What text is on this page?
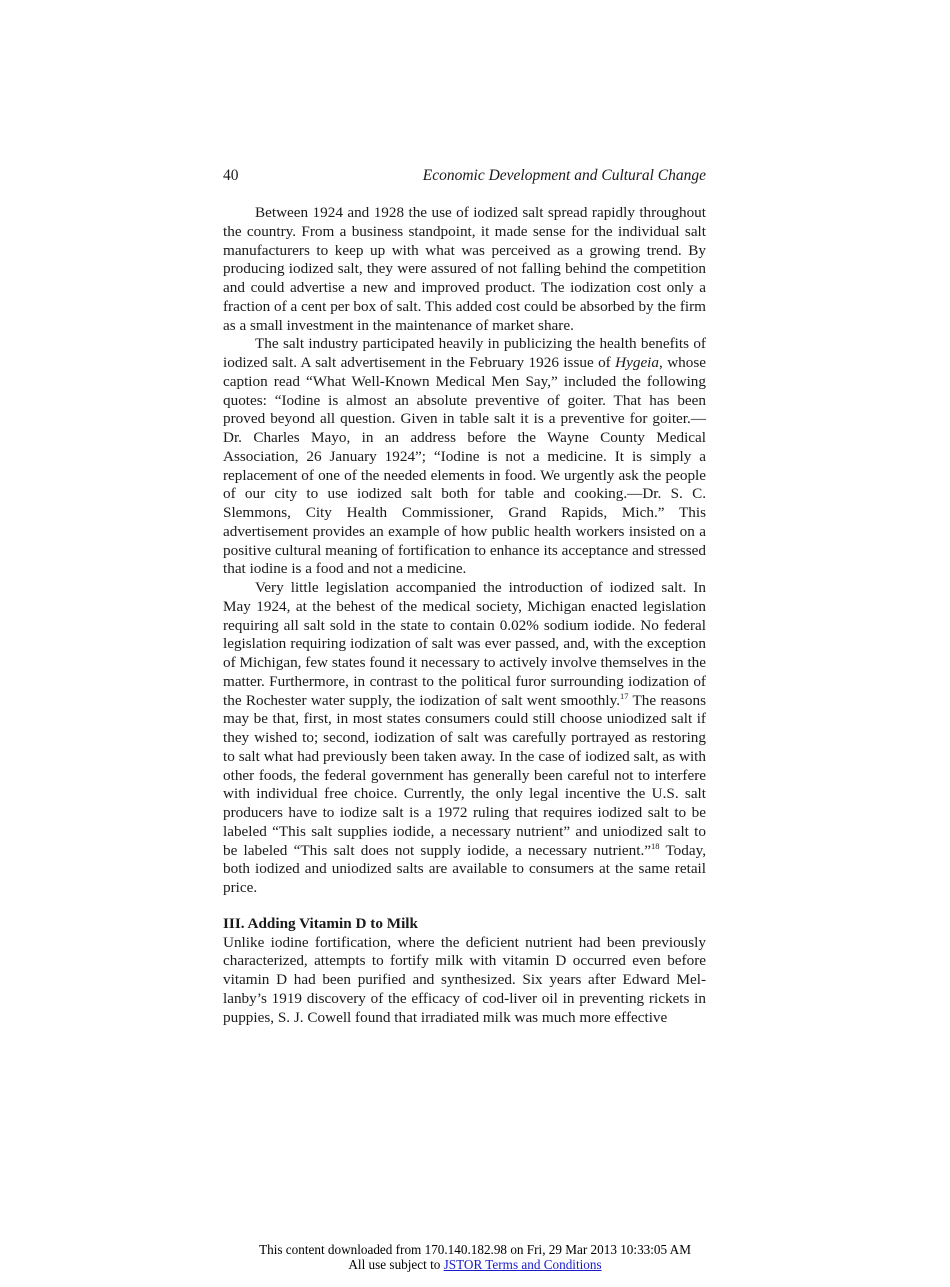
40	Economic Development and Cultural Change

Between 1924 and 1928 the use of iodized salt spread rapidly throughout the country. From a business standpoint, it made sense for the individual salt manufacturers to keep up with what was perceived as a growing trend. By producing iodized salt, they were assured of not falling behind the competition and could advertise a new and improved product. The iodization cost only a fraction of a cent per box of salt. This added cost could be absorbed by the firm as a small investment in the maintenance of market share.

The salt industry participated heavily in publicizing the health benefits of iodized salt. A salt advertisement in the February 1926 issue of Hygeia, whose caption read “What Well-Known Medical Men Say,” included the following quotes: “Iodine is almost an absolute preventive of goiter. That has been proved beyond all question. Given in table salt it is a preventive for goiter.—Dr. Charles Mayo, in an address before the Wayne County Medical Association, 26 January 1924”; “Iodine is not a medicine. It is simply a replacement of one of the needed elements in food. We urgently ask the people of our city to use iodized salt both for table and cooking.—Dr. S. C. Slemmons, City Health Commissioner, Grand Rapids, Mich.” This advertisement provides an example of how public health workers insisted on a positive cultural meaning of fortification to enhance its acceptance and stressed that iodine is a food and not a medicine.

Very little legislation accompanied the introduction of iodized salt. In May 1924, at the behest of the medical society, Michigan enacted legislation requiring all salt sold in the state to contain 0.02% sodium iodide. No federal legislation requiring iodization of salt was ever passed, and, with the exception of Michigan, few states found it necessary to actively involve themselves in the matter. Furthermore, in contrast to the political furor surrounding iodization of the Rochester water supply, the iodization of salt went smoothly.$^{17}$ The reasons may be that, first, in most states consumers could still choose uniodized salt if they wished to; second, iodization of salt was carefully portrayed as restoring to salt what had previously been taken away. In the case of iodized salt, as with other foods, the federal government has generally been careful not to interfere with individual free choice. Currently, the only legal incentive the U.S. salt producers have to iodize salt is a 1972 ruling that requires iodized salt to be labeled “This salt supplies iodide, a necessary nutrient” and uniodized salt to be labeled “This salt does not supply iodide, a necessary nutrient.”$^{18}$ Today, both iodized and uniodized salts are available to consumers at the same retail price.

III. Adding Vitamin D to Milk

Unlike iodine fortification, where the deficient nutrient had been previously characterized, attempts to fortify milk with vitamin D occurred even before vitamin D had been purified and synthesized. Six years after Edward Mellanby’s 1919 discovery of the efficacy of cod-liver oil in preventing rickets in puppies, S. J. Cowell found that irradiated milk was much more effective

This content downloaded from 170.140.182.98 on Fri, 29 Mar 2013 10:33:05 AM
All use subject to JSTOR Terms and Conditions
